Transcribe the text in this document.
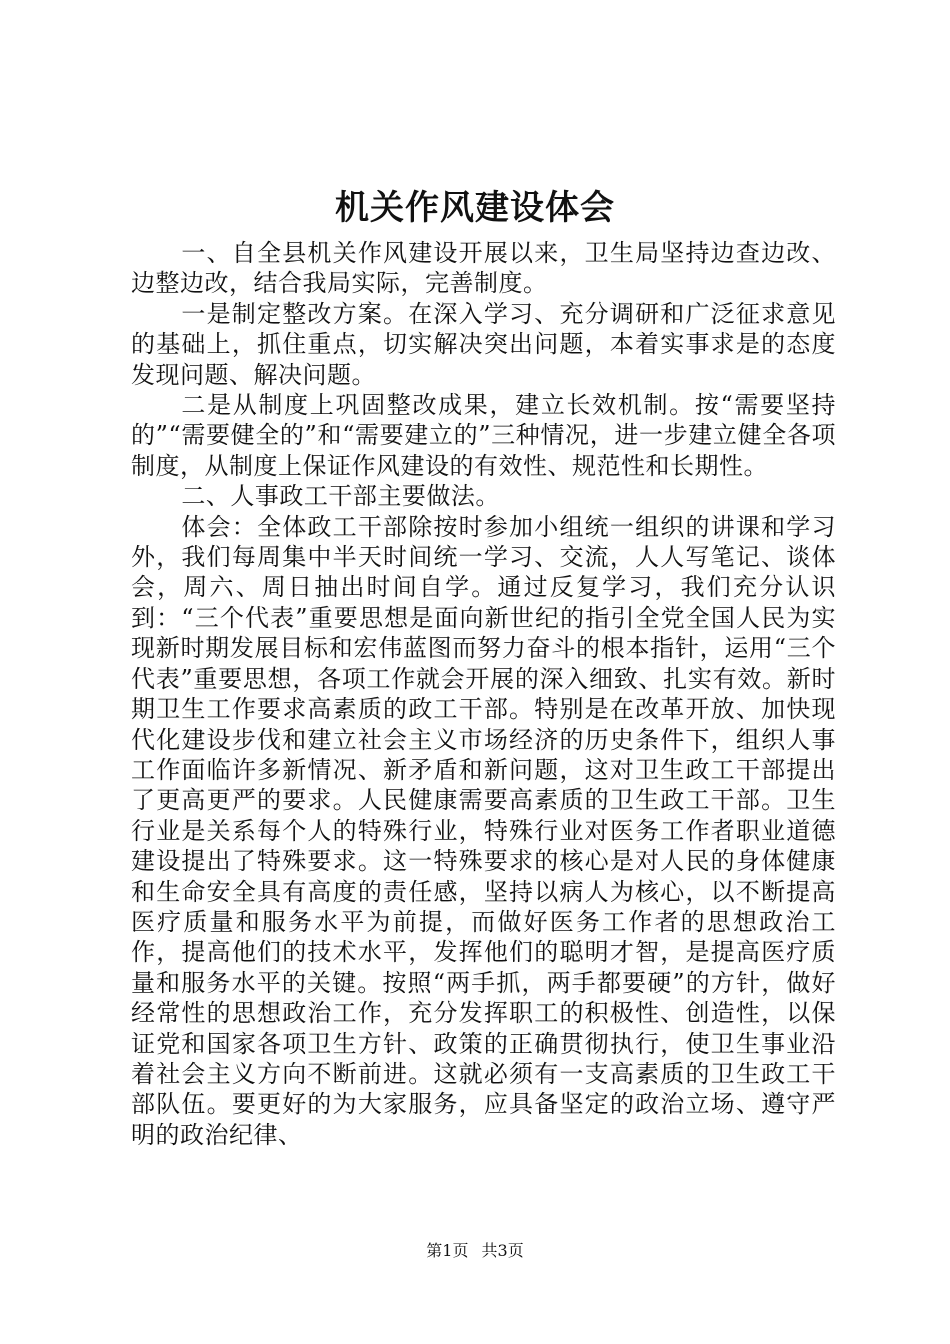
机关作风建设体会

一、自全县机关作风建设开展以来，卫生局坚持边查边改、边整边改，结合我局实际，完善制度。

一是制定整改方案。在深入学习、充分调研和广泛征求意见的基础上，抓住重点，切实解决突出问题，本着实事求是的态度发现问题、解决问题。

二是从制度上巩固整改成果，建立长效机制。按“需要坚持的”“需要健全的”和“需要建立的”三种情况，进一步建立健全各项制度，从制度上保证作风建设的有效性、规范性和长期性。

二、人事政工干部主要做法。

体会：全体政工干部除按时参加小组统一组织的讲课和学习外，我们每周集中半天时间统一学习、交流，人人写笔记、谈体会，周六、周日抽出时间自学。通过反复学习，我们充分认识到：“三个代表”重要思想是面向新世纪的指引全党全国人民为实现新时期发展目标和宏伟蓝图而努力奋斗的根本指针，运用“三个代表”重要思想，各项工作就会开展的深入细致、扎实有效。新时期卫生工作要求高素质的政工干部。特别是在改革开放、加快现代化建设步伐和建立社会主义市场经济的历史条件下，组织人事工作面临许多新情况、新矛盾和新问题，这对卫生政工干部提出了更高更严的要求。人民健康需要高素质的卫生政工干部。卫生行业是关系每个人的特殊行业，特殊行业对医务工作者职业道德建设提出了特殊要求。这一特殊要求的核心是对人民的身体健康和生命安全具有高度的责任感，坚持以病人为核心，以不断提高医疗质量和服务水平为前提，而做好医务工作者的思想政治工作，提高他们的技术水平，发挥他们的聪明才智，是提高医疗质量和服务水平的关键。按照“两手抓，两手都要硬”的方针，做好经常性的思想政治工作，充分发挥职工的积极性、创造性，以保证党和国家各项卫生方针、政策的正确贯彻执行，使卫生事业沿着社会主义方向不断前进。这就必须有一支高素质的卫生政工干部队伍。要更好的为大家服务，应具备坚定的政治立场、遵守严明的政治纪律、

第1页 共3页
